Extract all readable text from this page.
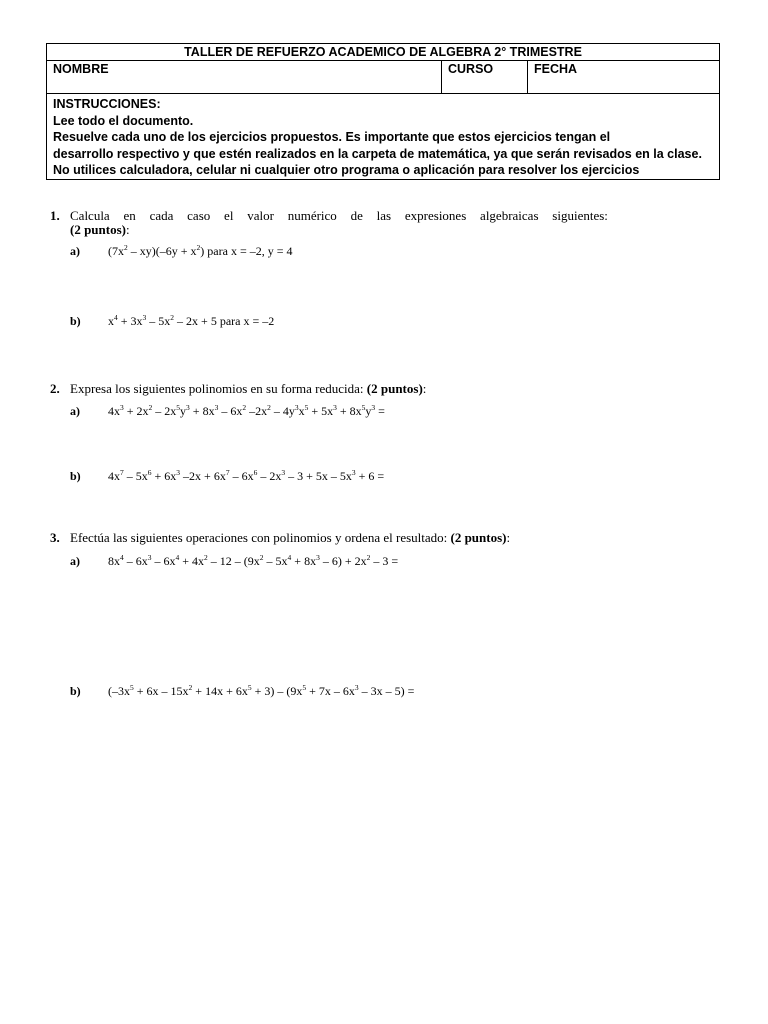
TALLER DE REFUERZO ACADEMICO DE ALGEBRA 2° TRIMESTRE
NOMBRE	CURSO	FECHA

INSTRUCCIONES:
Lee todo el documento.
Resuelve cada uno de los ejercicios propuestos. Es importante que estos ejercicios tengan el
desarrollo respectivo y que estén realizados en la carpeta de matemática, ya que serán revisados en la clase.
No utilices calculadora, celular ni cualquier otro programa o aplicación para resolver los ejercicios
1. Calcula en cada caso el valor numérico de las expresiones algebraicas siguientes:
(2 puntos):
a) $(7x^2 - xy)(-6y + x^2)$ para x = –2, y = 4
b) $x^4 + 3x^3 - 5x^2 - 2x + 5$ para x = –2
2. Expresa los siguientes polinomios en su forma reducida: (2 puntos):
a) $4x^3 + 2x^2 - 2x^5y^3 + 8x^3 - 6x^2$ $-2x^2 - 4y^3x^5 + 5x^3 + 8x^5y^3$ =
b) $4x^7 - 5x^6 + 6x^3$ $-2x + 6x^7 - 6x^6 - 2x^3 - 3 + 5x - 5x^3 + 6$ =
3. Efectúa las siguientes operaciones con polinomios y ordena el resultado: (2 puntos):
a) $8x^4 - 6x^3 - 6x^4 + 4x^2 - 12 - (9x^2 - 5x^4 + 8x^3 - 6) + 2x^2 - 3$ =
b) $(-3x^5 + 6x - 15x^2 + 14x + 6x^5 + 3) - (9x^5 + 7x - 6x^3 - 3x - 5)$ =
